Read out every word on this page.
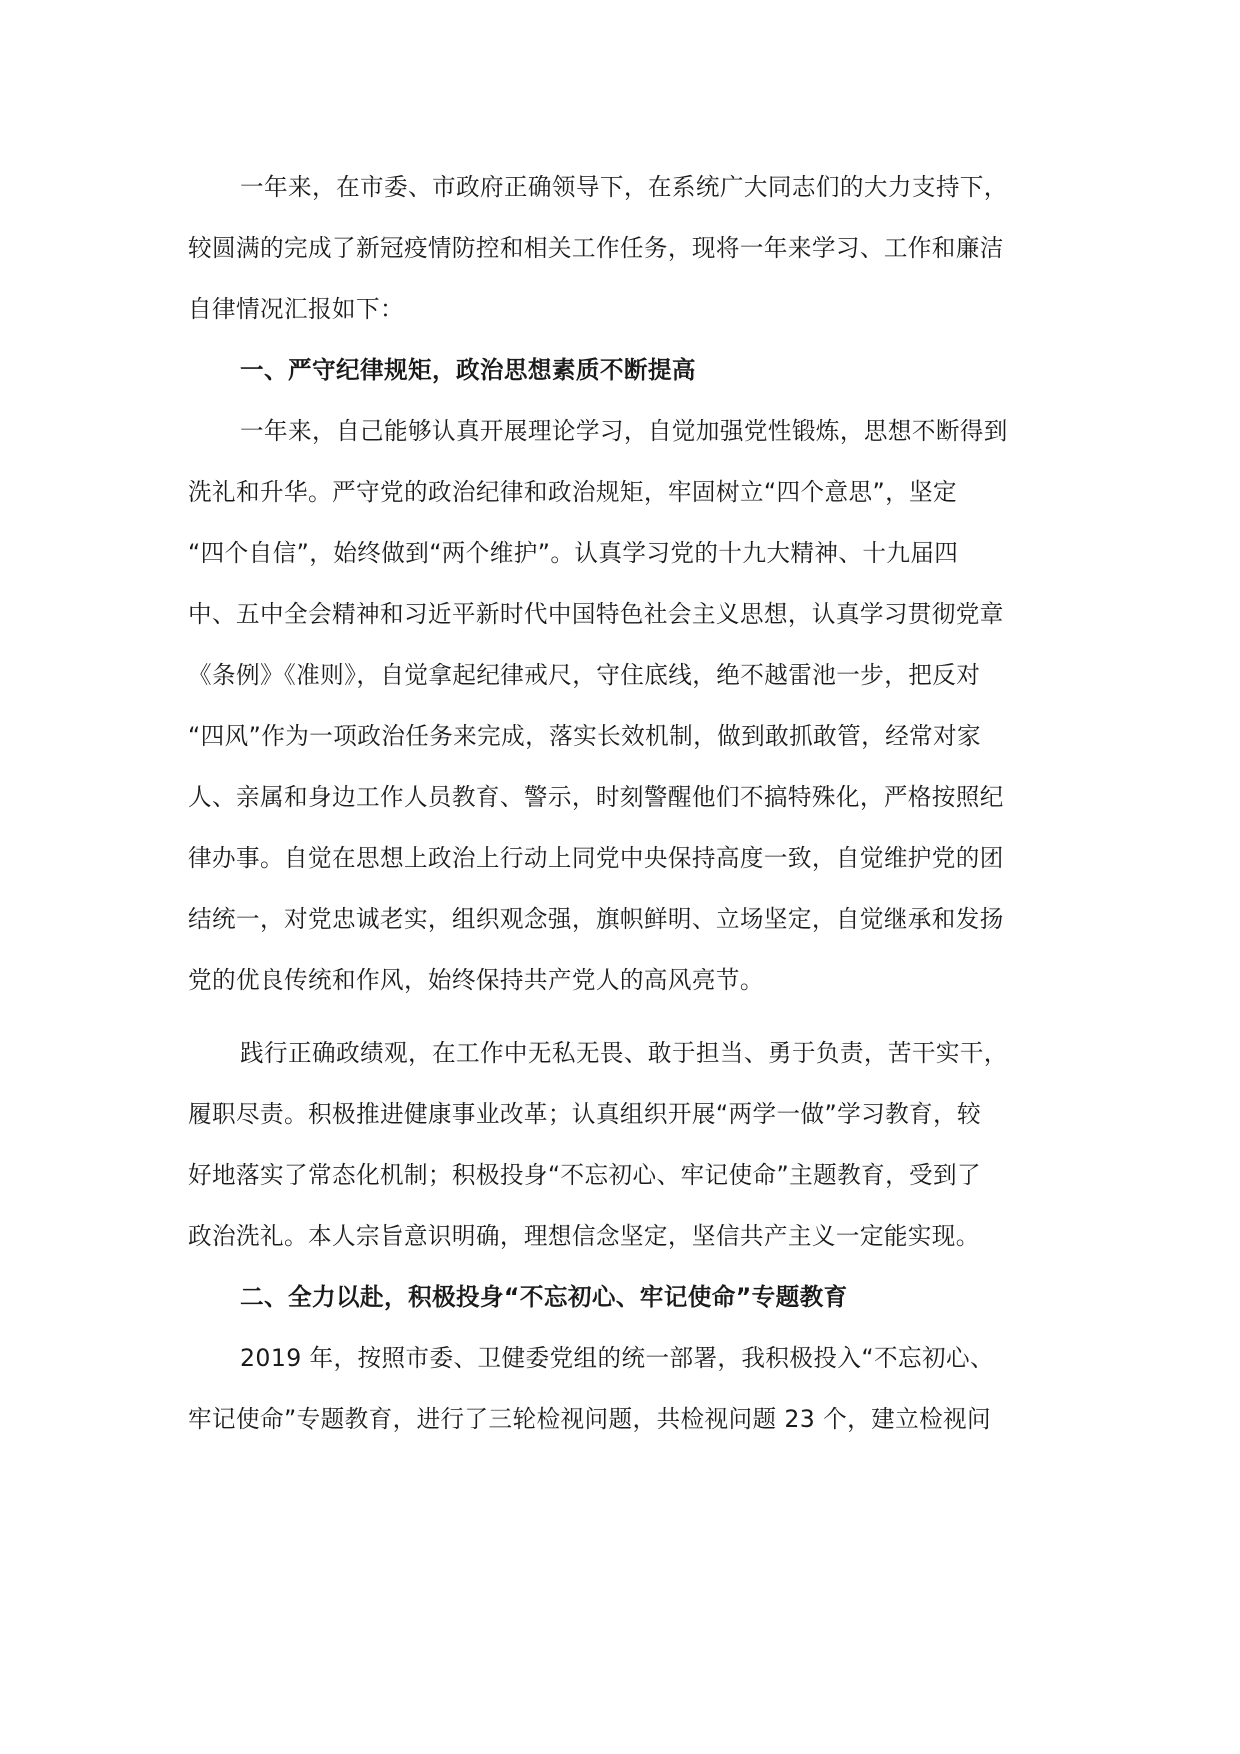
一年来，在市委、市政府正确领导下，在系统广大同志们的大力支持下，
较圆满的完成了新冠疫情防控和相关工作任务，现将一年来学习、工作和廉洁
自律情况汇报如下：
一、严守纪律规矩，政治思想素质不断提高
一年来，自己能够认真开展理论学习，自觉加强党性锻炼，思想不断得到
洗礼和升华。严守党的政治纪律和政治规矩，牢固树立“四个意思”，坚定
“四个自信”，始终做到“两个维护”。认真学习党的十九大精神、十九届四
中、五中全会精神和习近平新时代中国特色社会主义思想，认真学习贯彻党章
《条例》《准则》，自觉拿起纪律戒尺，守住底线，绝不越雷池一步，把反对
“四风”作为一项政治任务来完成，落实长效机制，做到敢抓敢管，经常对家
人、亲属和身边工作人员教育、警示，时刻警醒他们不搞特殊化，严格按照纪
律办事。自觉在思想上政治上行动上同党中央保持高度一致，自觉维护党的团
结统一，对党忠诚老实，组织观念强，旗帜鲜明、立场坚定，自觉继承和发扬
党的优良传统和作风，始终保持共产党人的高风亮节。
践行正确政绩观，在工作中无私无畏、敢于担当、勇于负责，苦干实干，
履职尽责。积极推进健康事业改革；认真组织开展“两学一做”学习教育，较
好地落实了常态化机制；积极投身“不忘初心、牢记使命”主题教育，受到了
政治洗礼。本人宗旨意识明确，理想信念坚定，坚信共产主义一定能实现。
二、全力以赴，积极投身“不忘初心、牢记使命”专题教育
2019 年，按照市委、卫健委党组的统一部署，我积极投入“不忘初心、
牢记使命”专题教育，进行了三轮检视问题，共检视问题 23 个，建立检视问
